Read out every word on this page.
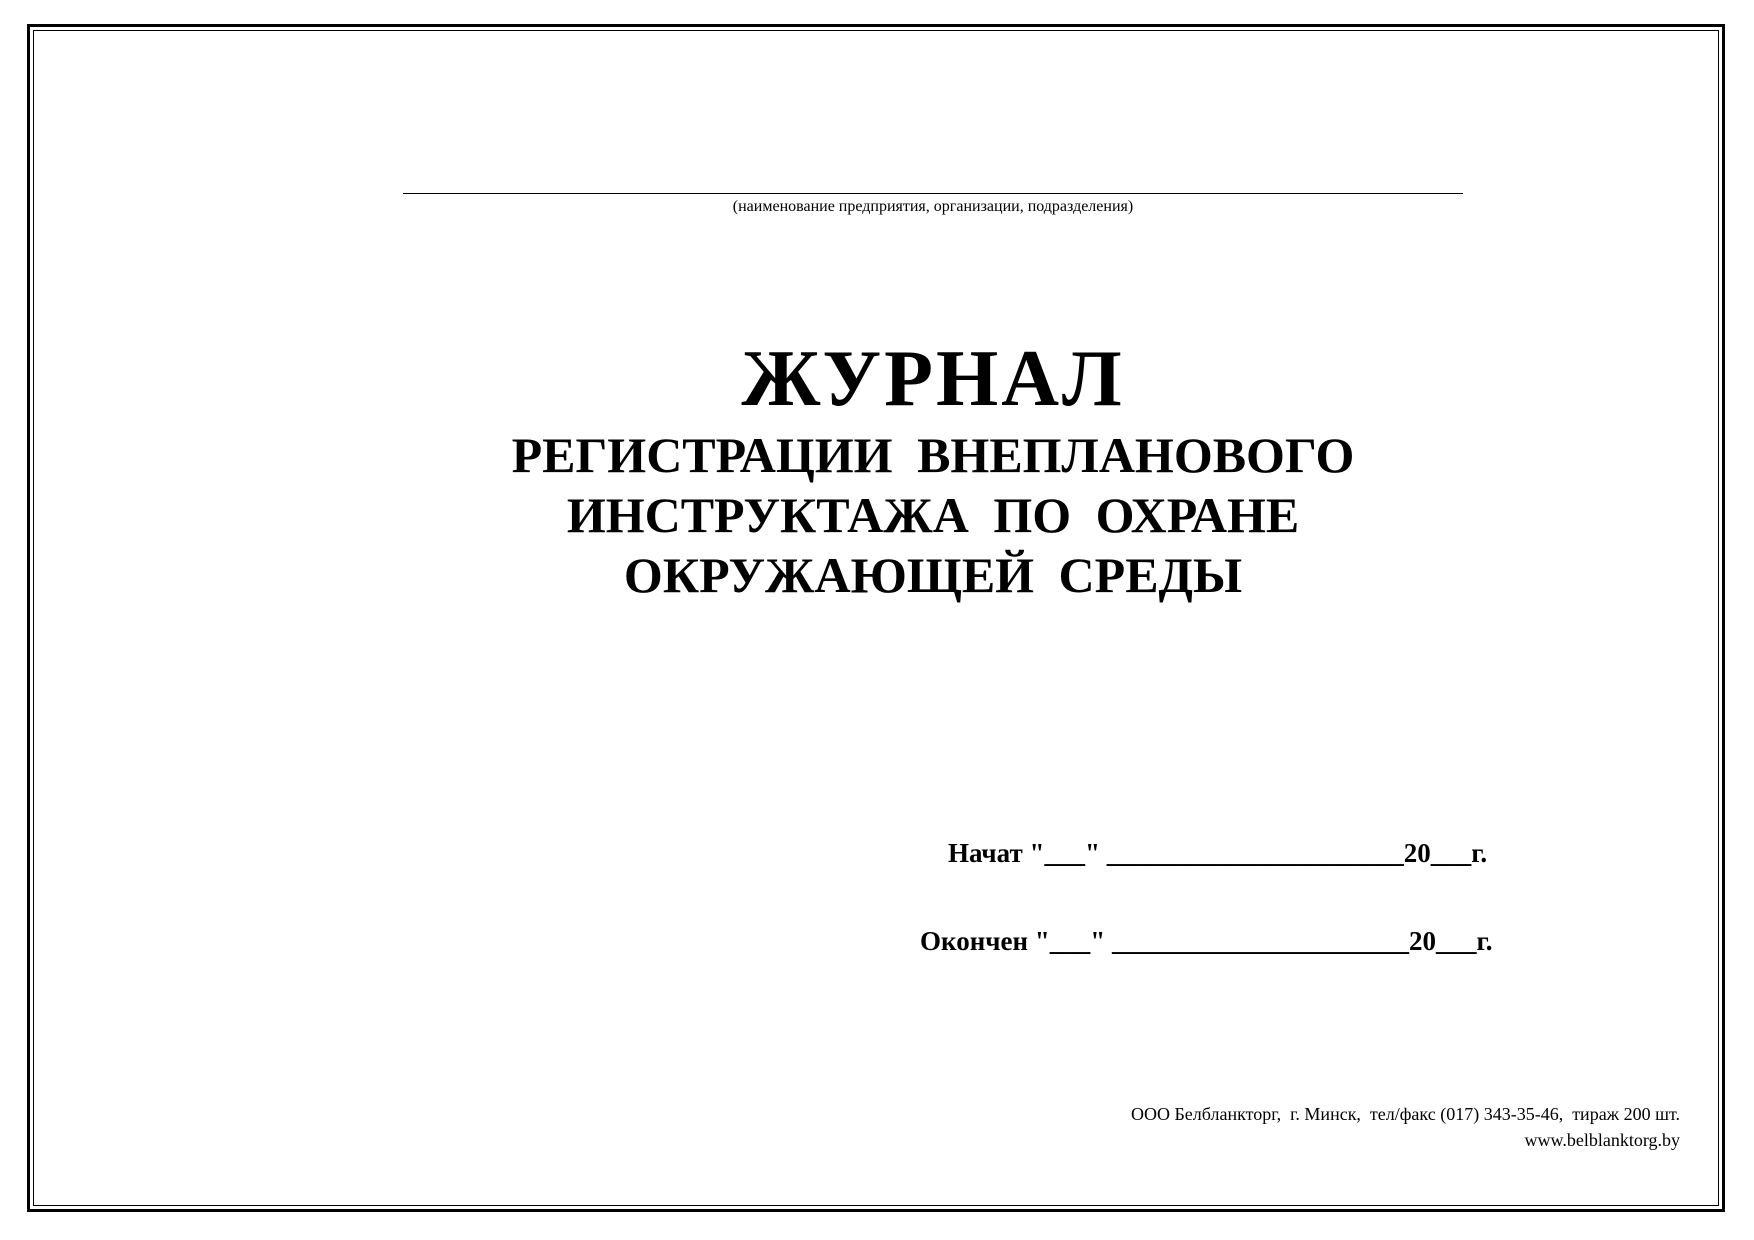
(наименование предприятия, организации, подразделения)
ЖУРНАЛ
РЕГИСТРАЦИИ ВНЕПЛАНОВОГО
ИНСТРУКТАЖА ПО ОХРАНЕ
ОКРУЖАЮЩЕЙ СРЕДЫ
Начат "___" ______________________20___г.
Окончен "___" ______________________20___г.
ООО Белбланкторг,  г. Минск,  тел/факс (017) 343-35-46,  тираж 200 шт.
www.belblanktorg.by
